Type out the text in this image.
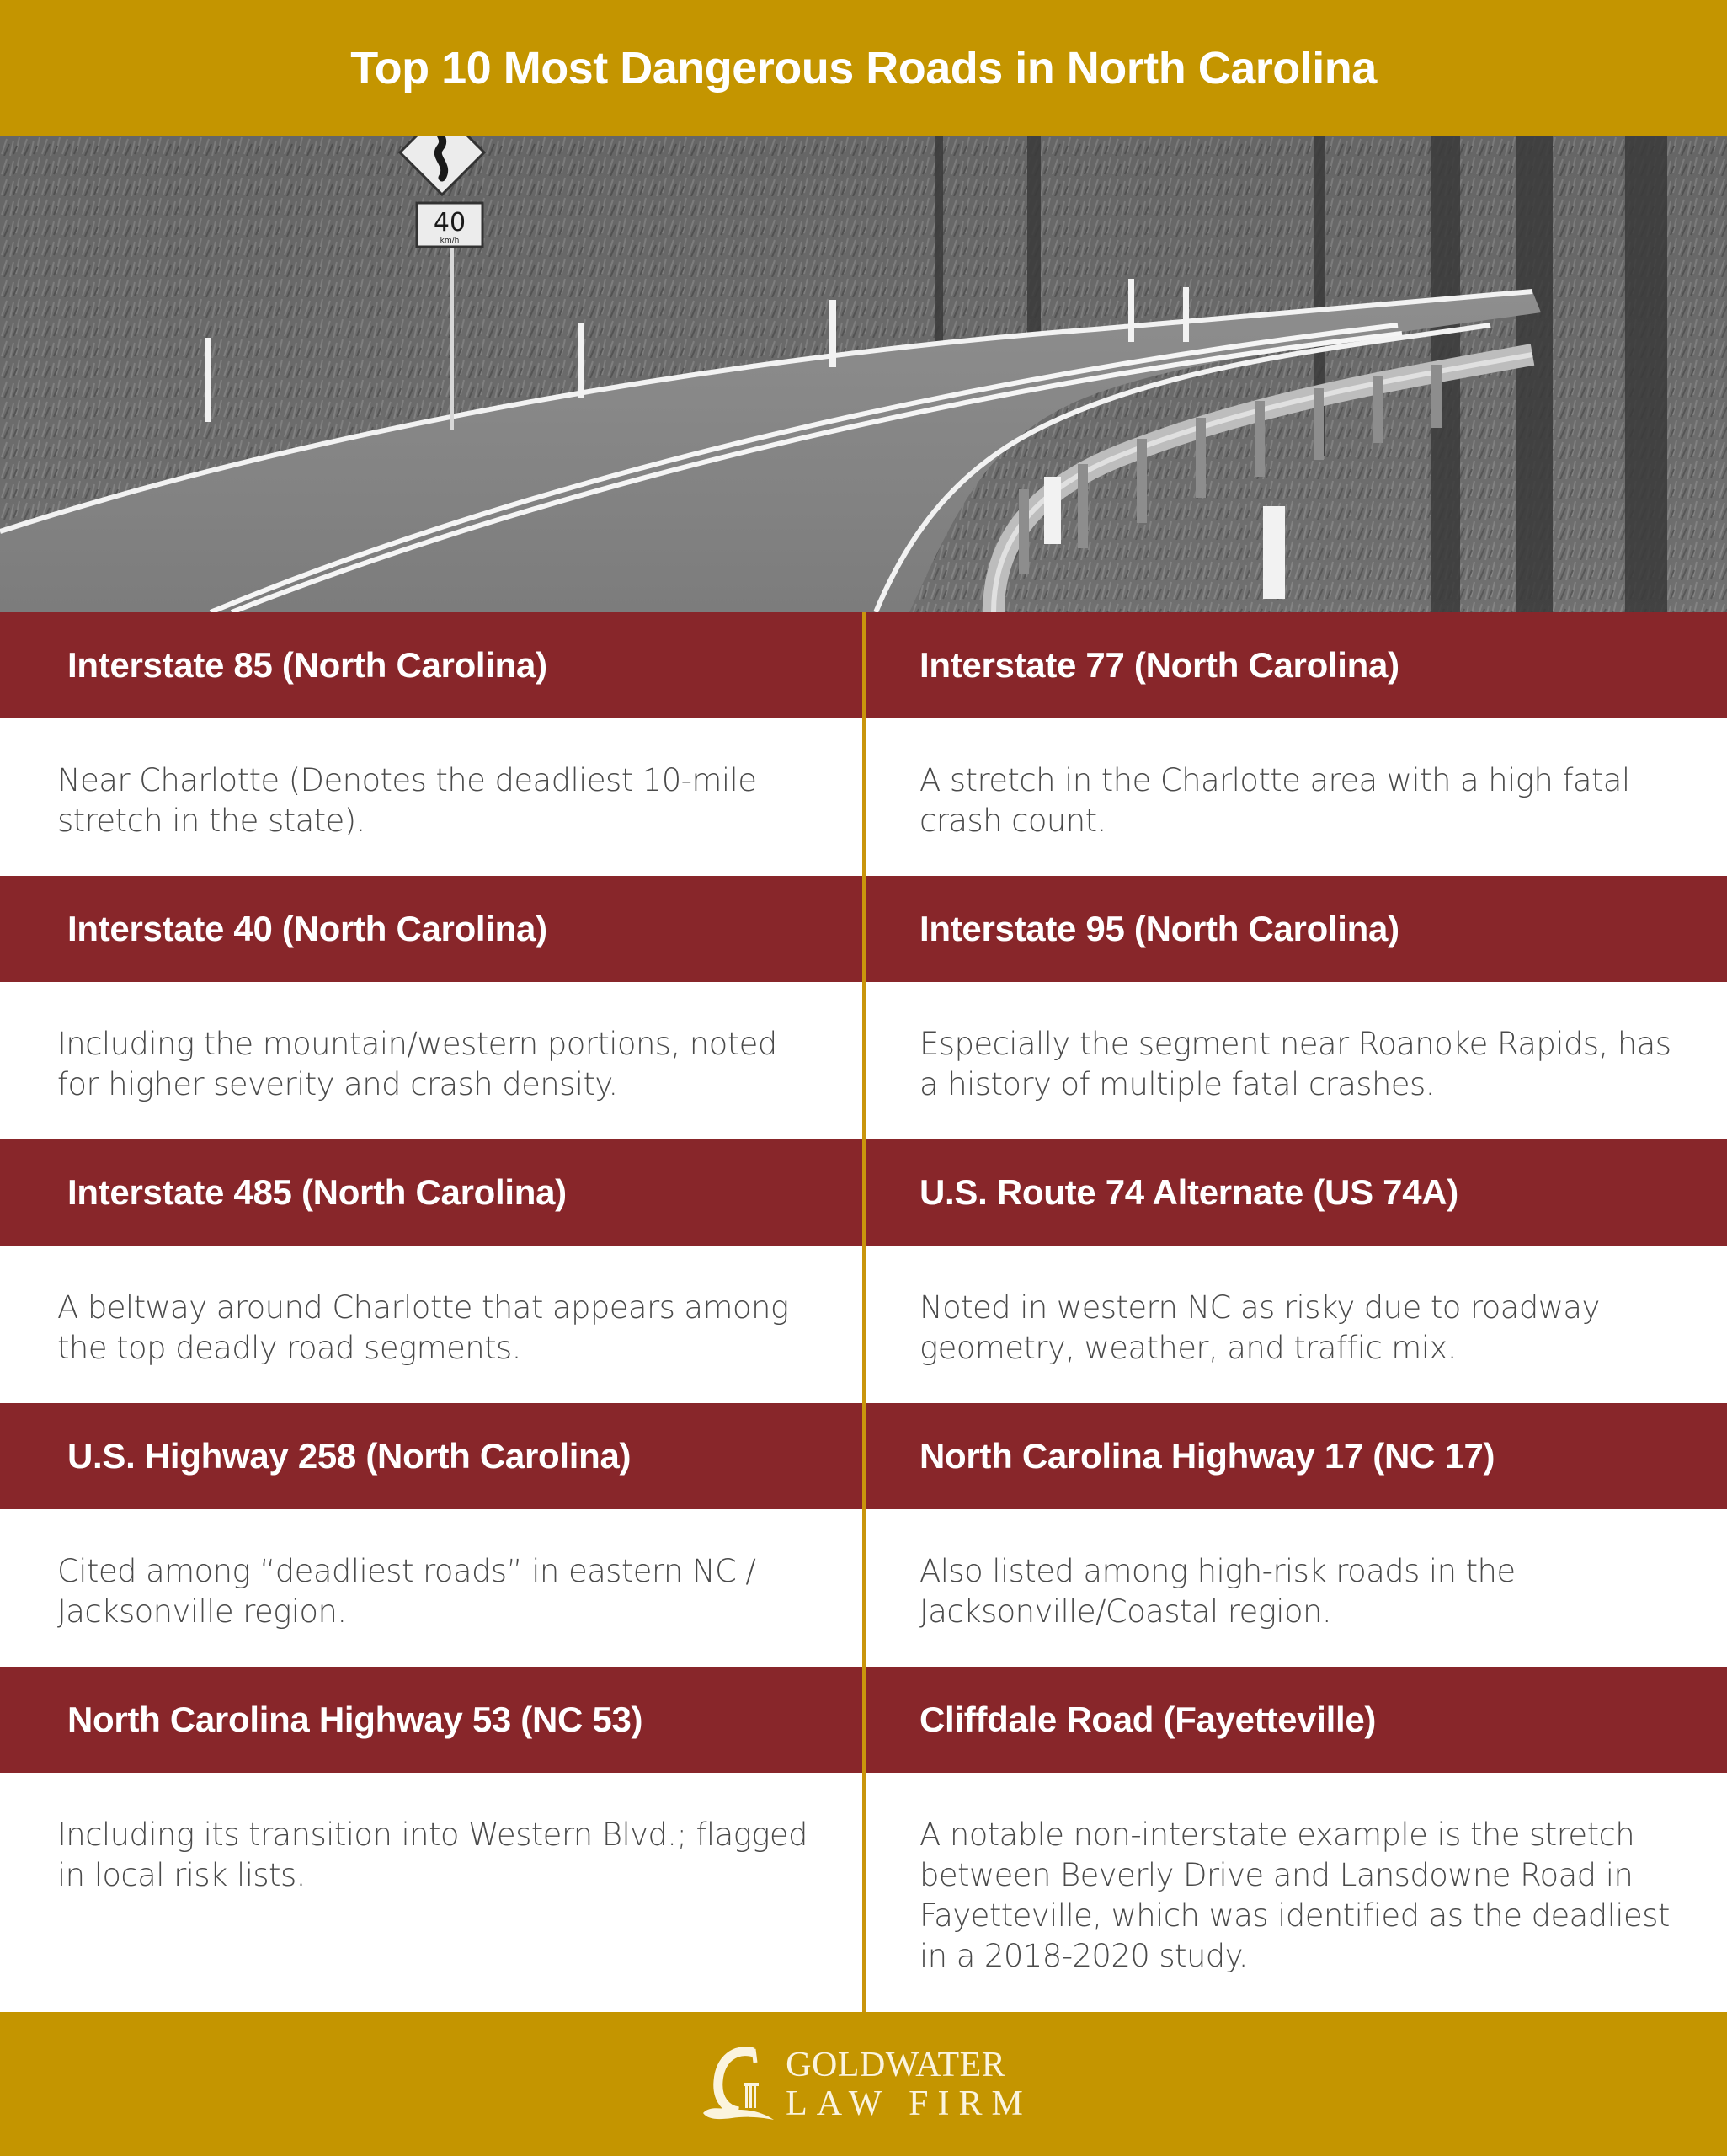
Top 10 Most Dangerous Roads in North Carolina
40
km/h
Interstate 85 (North Carolina)
Near Charlotte (Denotes the deadliest 10-mile stretch in the state).
Interstate 40 (North Carolina)
Including the mountain/western portions, noted for higher severity and crash density.
Interstate 485 (North Carolina)
A beltway around Charlotte that appears among the top deadly road segments.
U.S. Highway 258 (North Carolina)
Cited among “deadliest roads” in eastern NC / Jacksonville region.
North Carolina Highway 53 (NC 53)
Including its transition into Western Blvd.; flagged in local risk lists.
Interstate 77 (North Carolina)
A stretch in the Charlotte area with a high fatal crash count.
Interstate 95 (North Carolina)
Especially the segment near Roanoke Rapids, has a history of multiple fatal crashes.
U.S. Route 74 Alternate (US 74A)
Noted in western NC as risky due to roadway geometry, weather, and traffic mix.
North Carolina Highway 17 (NC 17)
Also listed among high-risk roads in the Jacksonville/Coastal region.
Cliffdale Road (Fayetteville)
A notable non-interstate example is the stretch between Beverly Drive and Lansdowne Road in Fayetteville, which was identified as the deadliest in a 2018-2020 study.
GOLDWATER
LAW FIRM
